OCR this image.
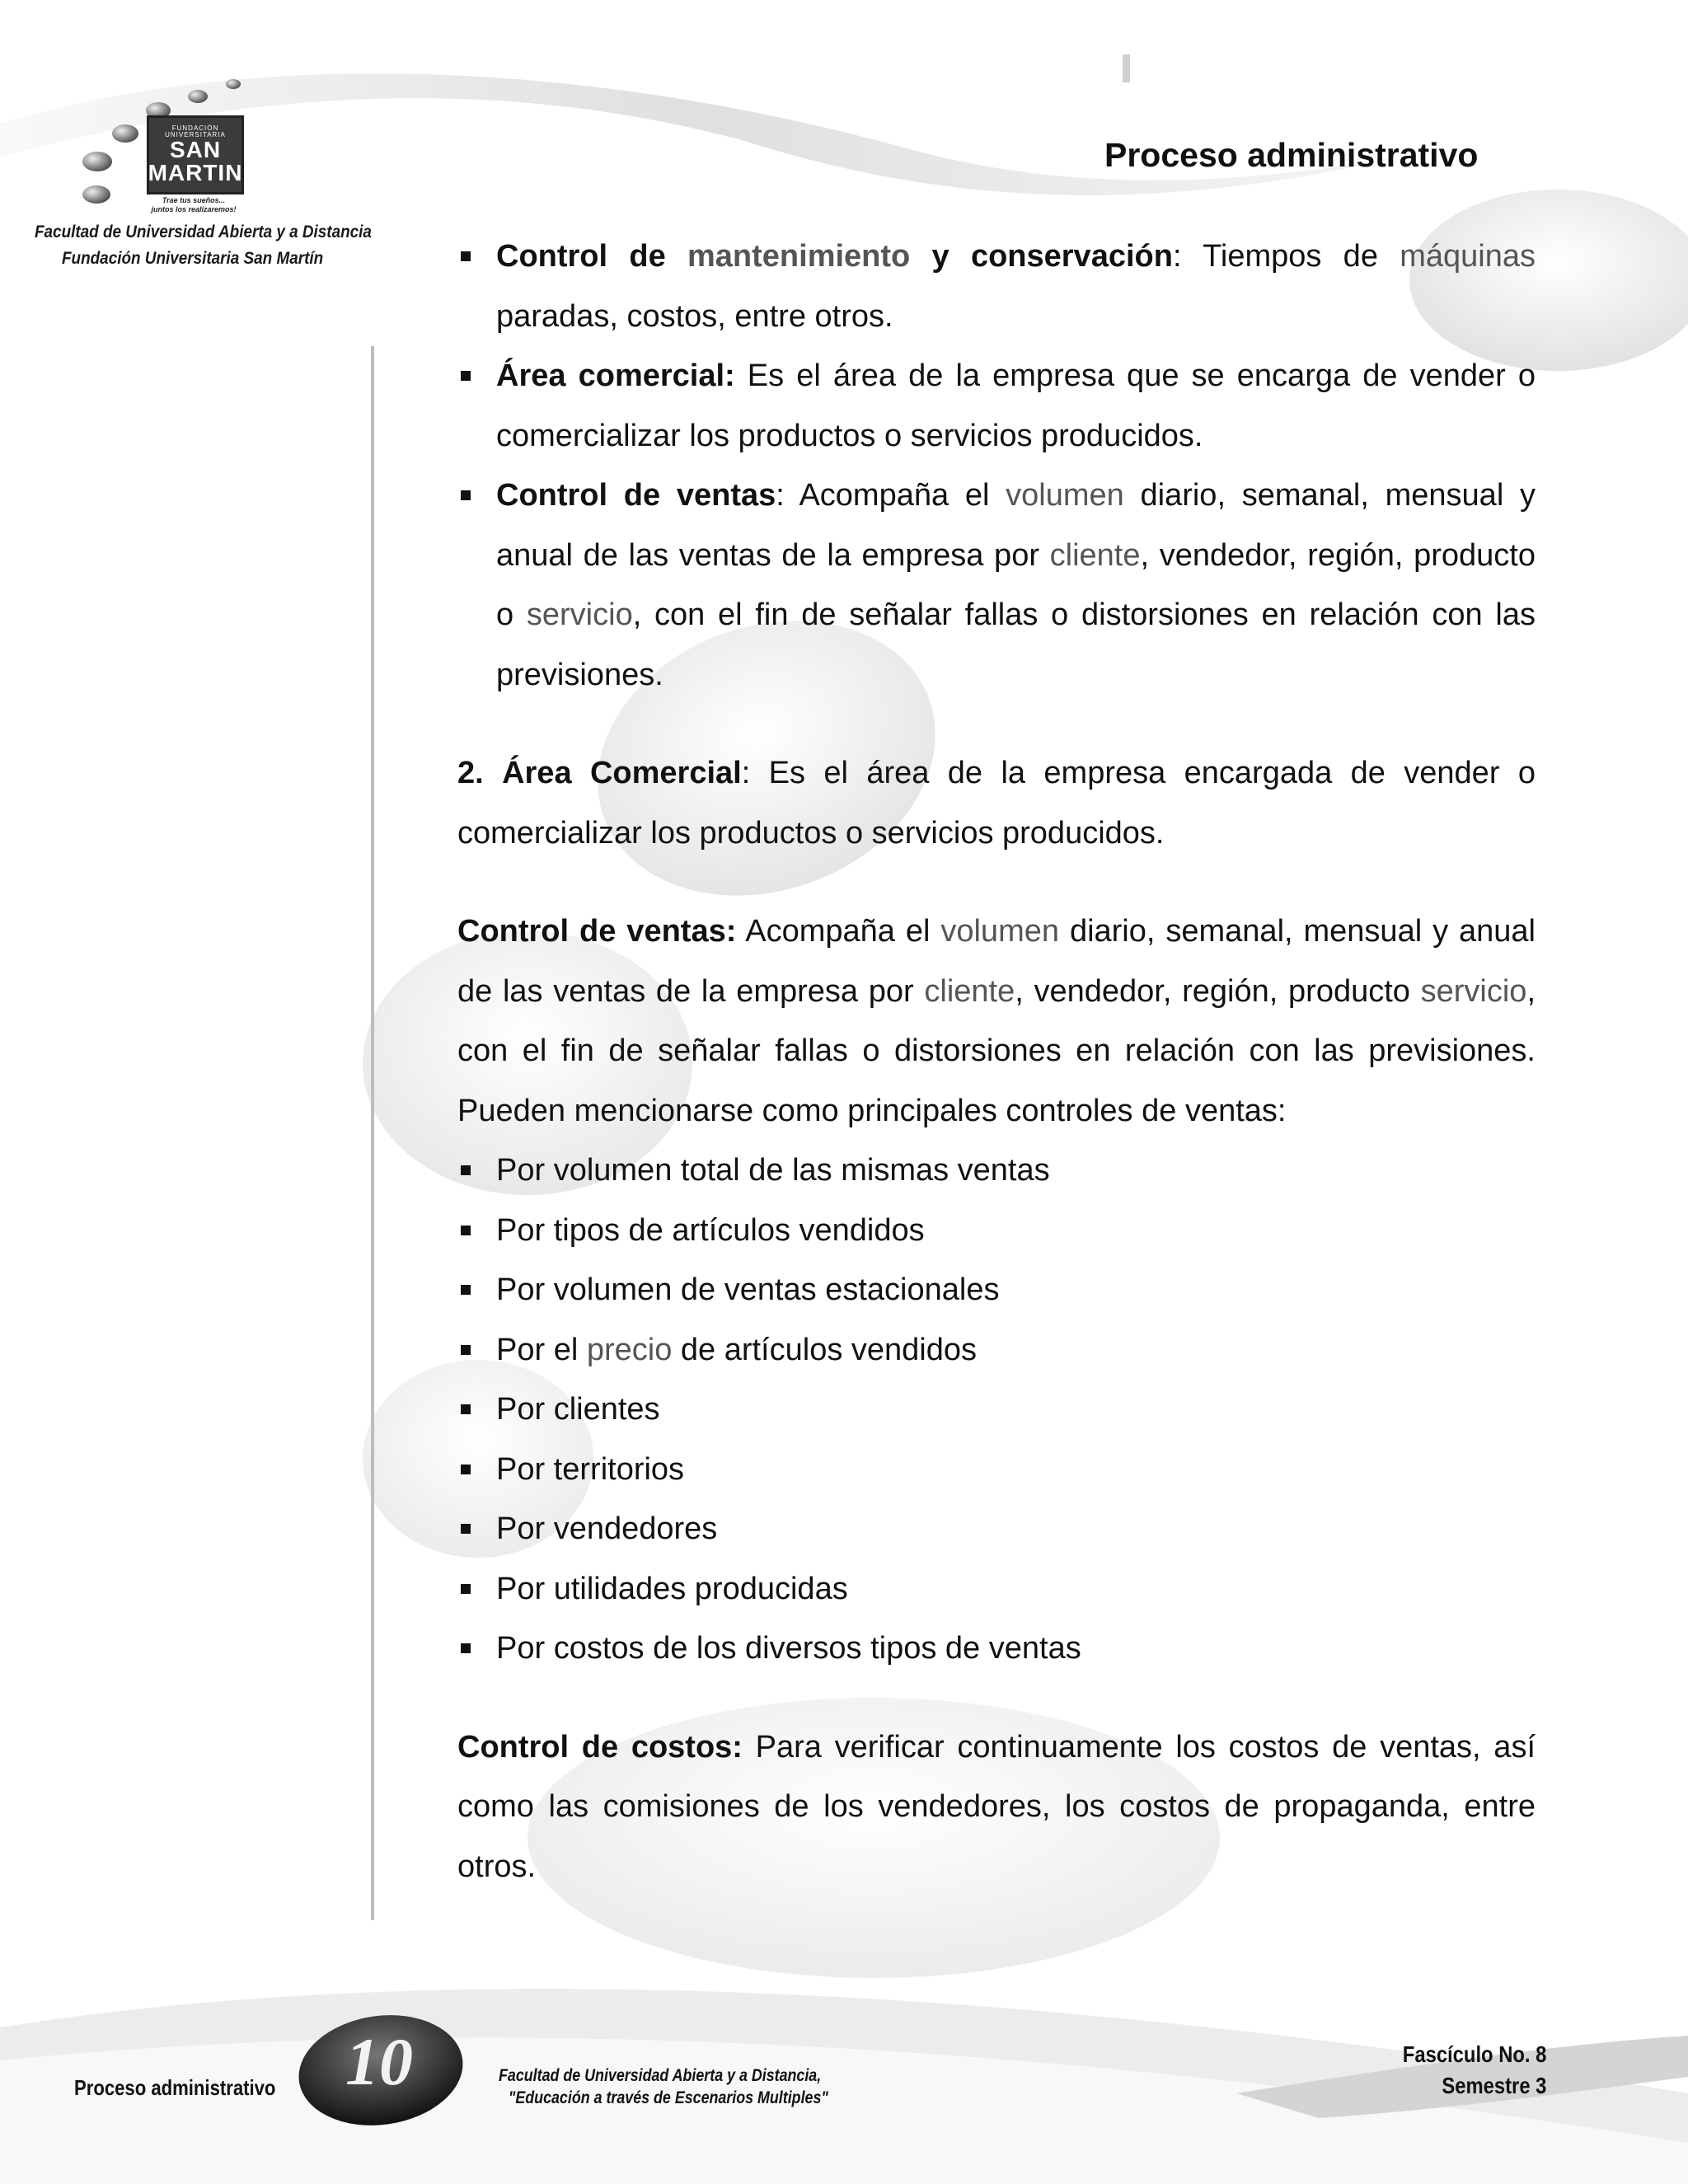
FUNDACIÓN
UNIVERSITARIA
SAN
MARTIN
Trae tus sueños...
juntos los realizaremos!
Facultad de Universidad Abierta y a Distancia
Fundación Universitaria San Martín
Proceso administrativo
Control de mantenimiento y conservación: Tiempos de máquinas paradas, costos, entre otros.
Área comercial: Es el área de la empresa que se encarga de vender o comercializar los productos o servicios producidos.
Control de ventas: Acompaña el volumen diario, semanal, mensual y anual de las ventas de la empresa por cliente, vendedor, región, producto o servicio, con el fin de señalar fallas o distorsiones en relación con las previsiones.
2. Área Comercial: Es el área de la empresa encargada de vender o comercializar los productos o servicios producidos.
Control de ventas: Acompaña el volumen diario, semanal, mensual y anual de las ventas de la empresa por cliente, vendedor, región, producto servicio, con el fin de señalar fallas o distorsiones en relación con las previsiones. Pueden mencionarse como principales controles de ventas:
Por volumen total de las mismas ventas
Por tipos de artículos vendidos
Por volumen de ventas estacionales
Por el precio de artículos vendidos
Por clientes
Por territorios
Por vendedores
Por utilidades producidas
Por costos de los diversos tipos de ventas
Control de costos: Para verificar continuamente los costos de ventas, así como las comisiones de los vendedores, los costos de propaganda, entre otros.
Proceso administrativo 10	Facultad de Universidad Abierta y a Distancia,
"Educación a través de Escenarios Multiples"
Fascículo No. 8
Semestre 3
